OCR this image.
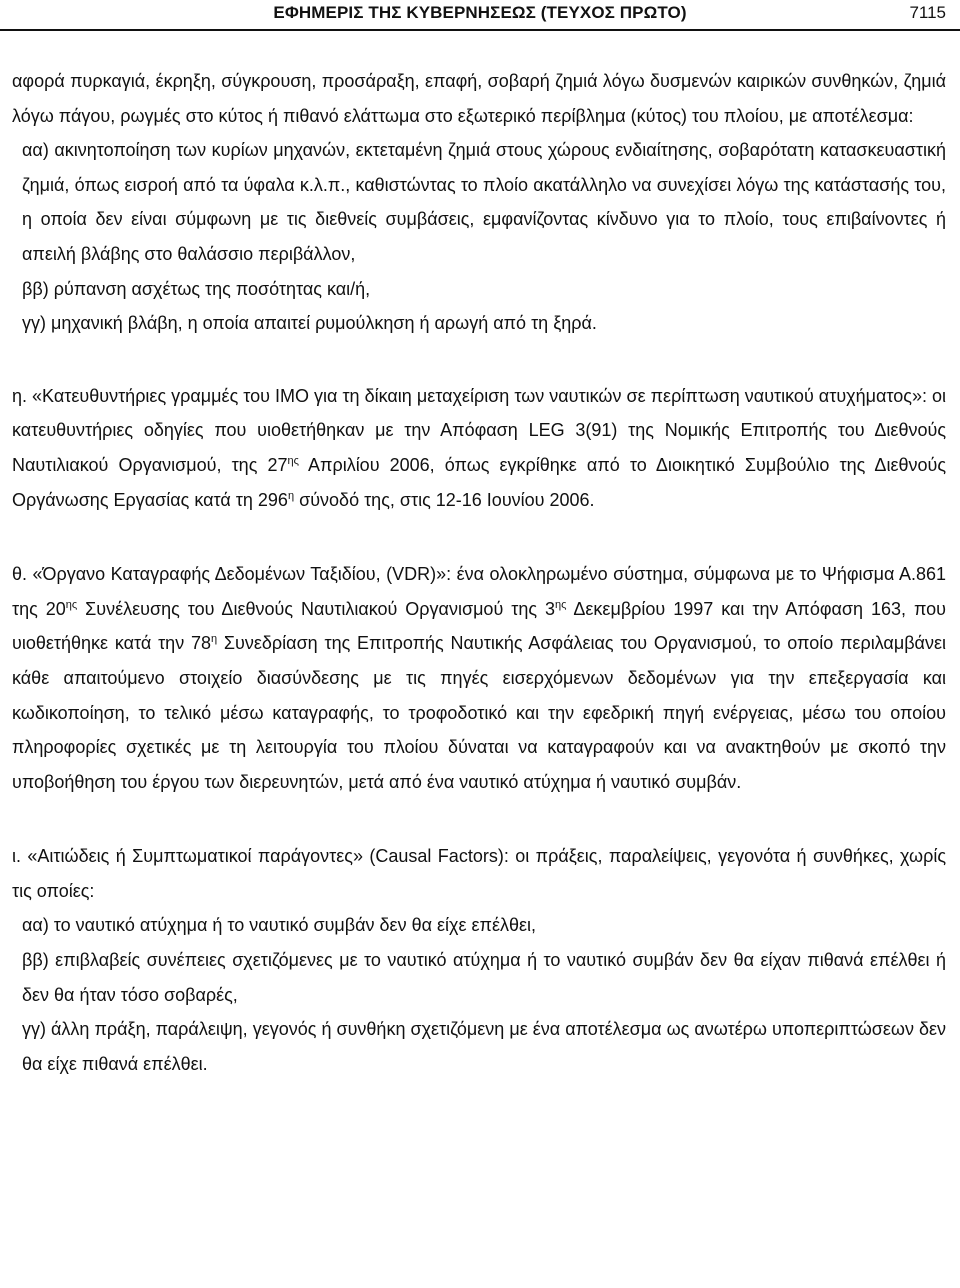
ΕΦΗΜΕΡΙΣ ΤΗΣ ΚΥΒΕΡΝΗΣΕΩΣ (ΤΕΥΧΟΣ ΠΡΩΤΟ)	7115

αφορά πυρκαγιά, έκρηξη, σύγκρουση, προσάραξη, επαφή, σοβαρή ζημιά λόγω δυσμενών καιρικών συνθηκών, ζημιά λόγω πάγου, ρωγμές στο κύτος ή πιθανό ελάττωμα στο εξωτερικό περίβλημα (κύτος) του πλοίου, με αποτέλεσμα:

αα) ακινητοποίηση των κυρίων μηχανών, εκτεταμένη ζημιά στους χώρους ενδιαίτησης, σοβαρότατη κατασκευαστική ζημιά, όπως εισροή από τα ύφαλα κ.λ.π., καθιστώντας το πλοίο ακατάλληλο να συνεχίσει λόγω της κατάστασής του, η οποία δεν είναι σύμφωνη με τις διεθνείς συμβάσεις, εμφανίζοντας κίνδυνο για το πλοίο, τους επιβαίνοντες ή απειλή βλάβης στο θαλάσσιο περιβάλλον,

ββ) ρύπανση ασχέτως της ποσότητας και/ή,

γγ) μηχανική βλάβη, η οποία απαιτεί ρυμούλκηση ή αρωγή από τη ξηρά.

η. «Κατευθυντήριες γραμμές του ΙΜΟ για τη δίκαιη μεταχείριση των ναυτικών σε περίπτωση ναυτικού ατυχήματος»: οι κατευθυντήριες οδηγίες που υιοθετήθηκαν με την Απόφαση LEG 3(91) της Νομικής Επιτροπής του Διεθνούς Ναυτιλιακού Οργανισμού, της $27^{\eta\varsigma}$ Απριλίου 2006, όπως εγκρίθηκε από το Διοικητικό Συμβούλιο της Διεθνούς Οργάνωσης Εργασίας κατά τη $296^\eta$ σύνοδό της, στις 12-16 Ιουνίου 2006.

θ. «Όργανο Καταγραφής Δεδομένων Ταξιδίου, (VDR)»: ένα ολοκληρωμένο σύστημα, σύμφωνα με το Ψήφισμα Α.861 της $20^{\eta\varsigma}$ Συνέλευσης του Διεθνούς Ναυτιλιακού Οργανισμού της $3^{\eta\varsigma}$ Δεκεμβρίου 1997 και την Απόφαση 163, που υιοθετήθηκε κατά την $78^\eta$ Συνεδρίαση της Επιτροπής Ναυτικής Ασφάλειας του Οργανισμού, το οποίο περιλαμβάνει κάθε απαιτούμενο στοιχείο διασύνδεσης με τις πηγές εισερχόμενων δεδομένων για την επεξεργασία και κωδικοποίηση, το τελικό μέσω καταγραφής, το τροφοδοτικό και την εφεδρική πηγή ενέργειας, μέσω του οποίου πληροφορίες σχετικές με τη λειτουργία του πλοίου δύναται να καταγραφούν και να ανακτηθούν με σκοπό την υποβοήθηση του έργου των διερευνητών, μετά από ένα ναυτικό ατύχημα ή ναυτικό συμβάν.

ι. «Αιτιώδεις ή Συμπτωματικοί παράγοντες» (Causal Factors): οι πράξεις, παραλείψεις, γεγονότα ή συνθήκες, χωρίς τις οποίες:

αα) το ναυτικό ατύχημα ή το ναυτικό συμβάν δεν θα είχε επέλθει,

ββ) επιβλαβείς συνέπειες σχετιζόμενες με το ναυτικό ατύχημα ή το ναυτικό συμβάν δεν θα είχαν πιθανά επέλθει ή δεν θα ήταν τόσο σοβαρές,

γγ) άλλη πράξη, παράλειψη, γεγονός ή συνθήκη σχετιζόμενη με ένα αποτέλεσμα ως ανωτέρω υποπεριπτώσεων δεν θα είχε πιθανά επέλθει.
